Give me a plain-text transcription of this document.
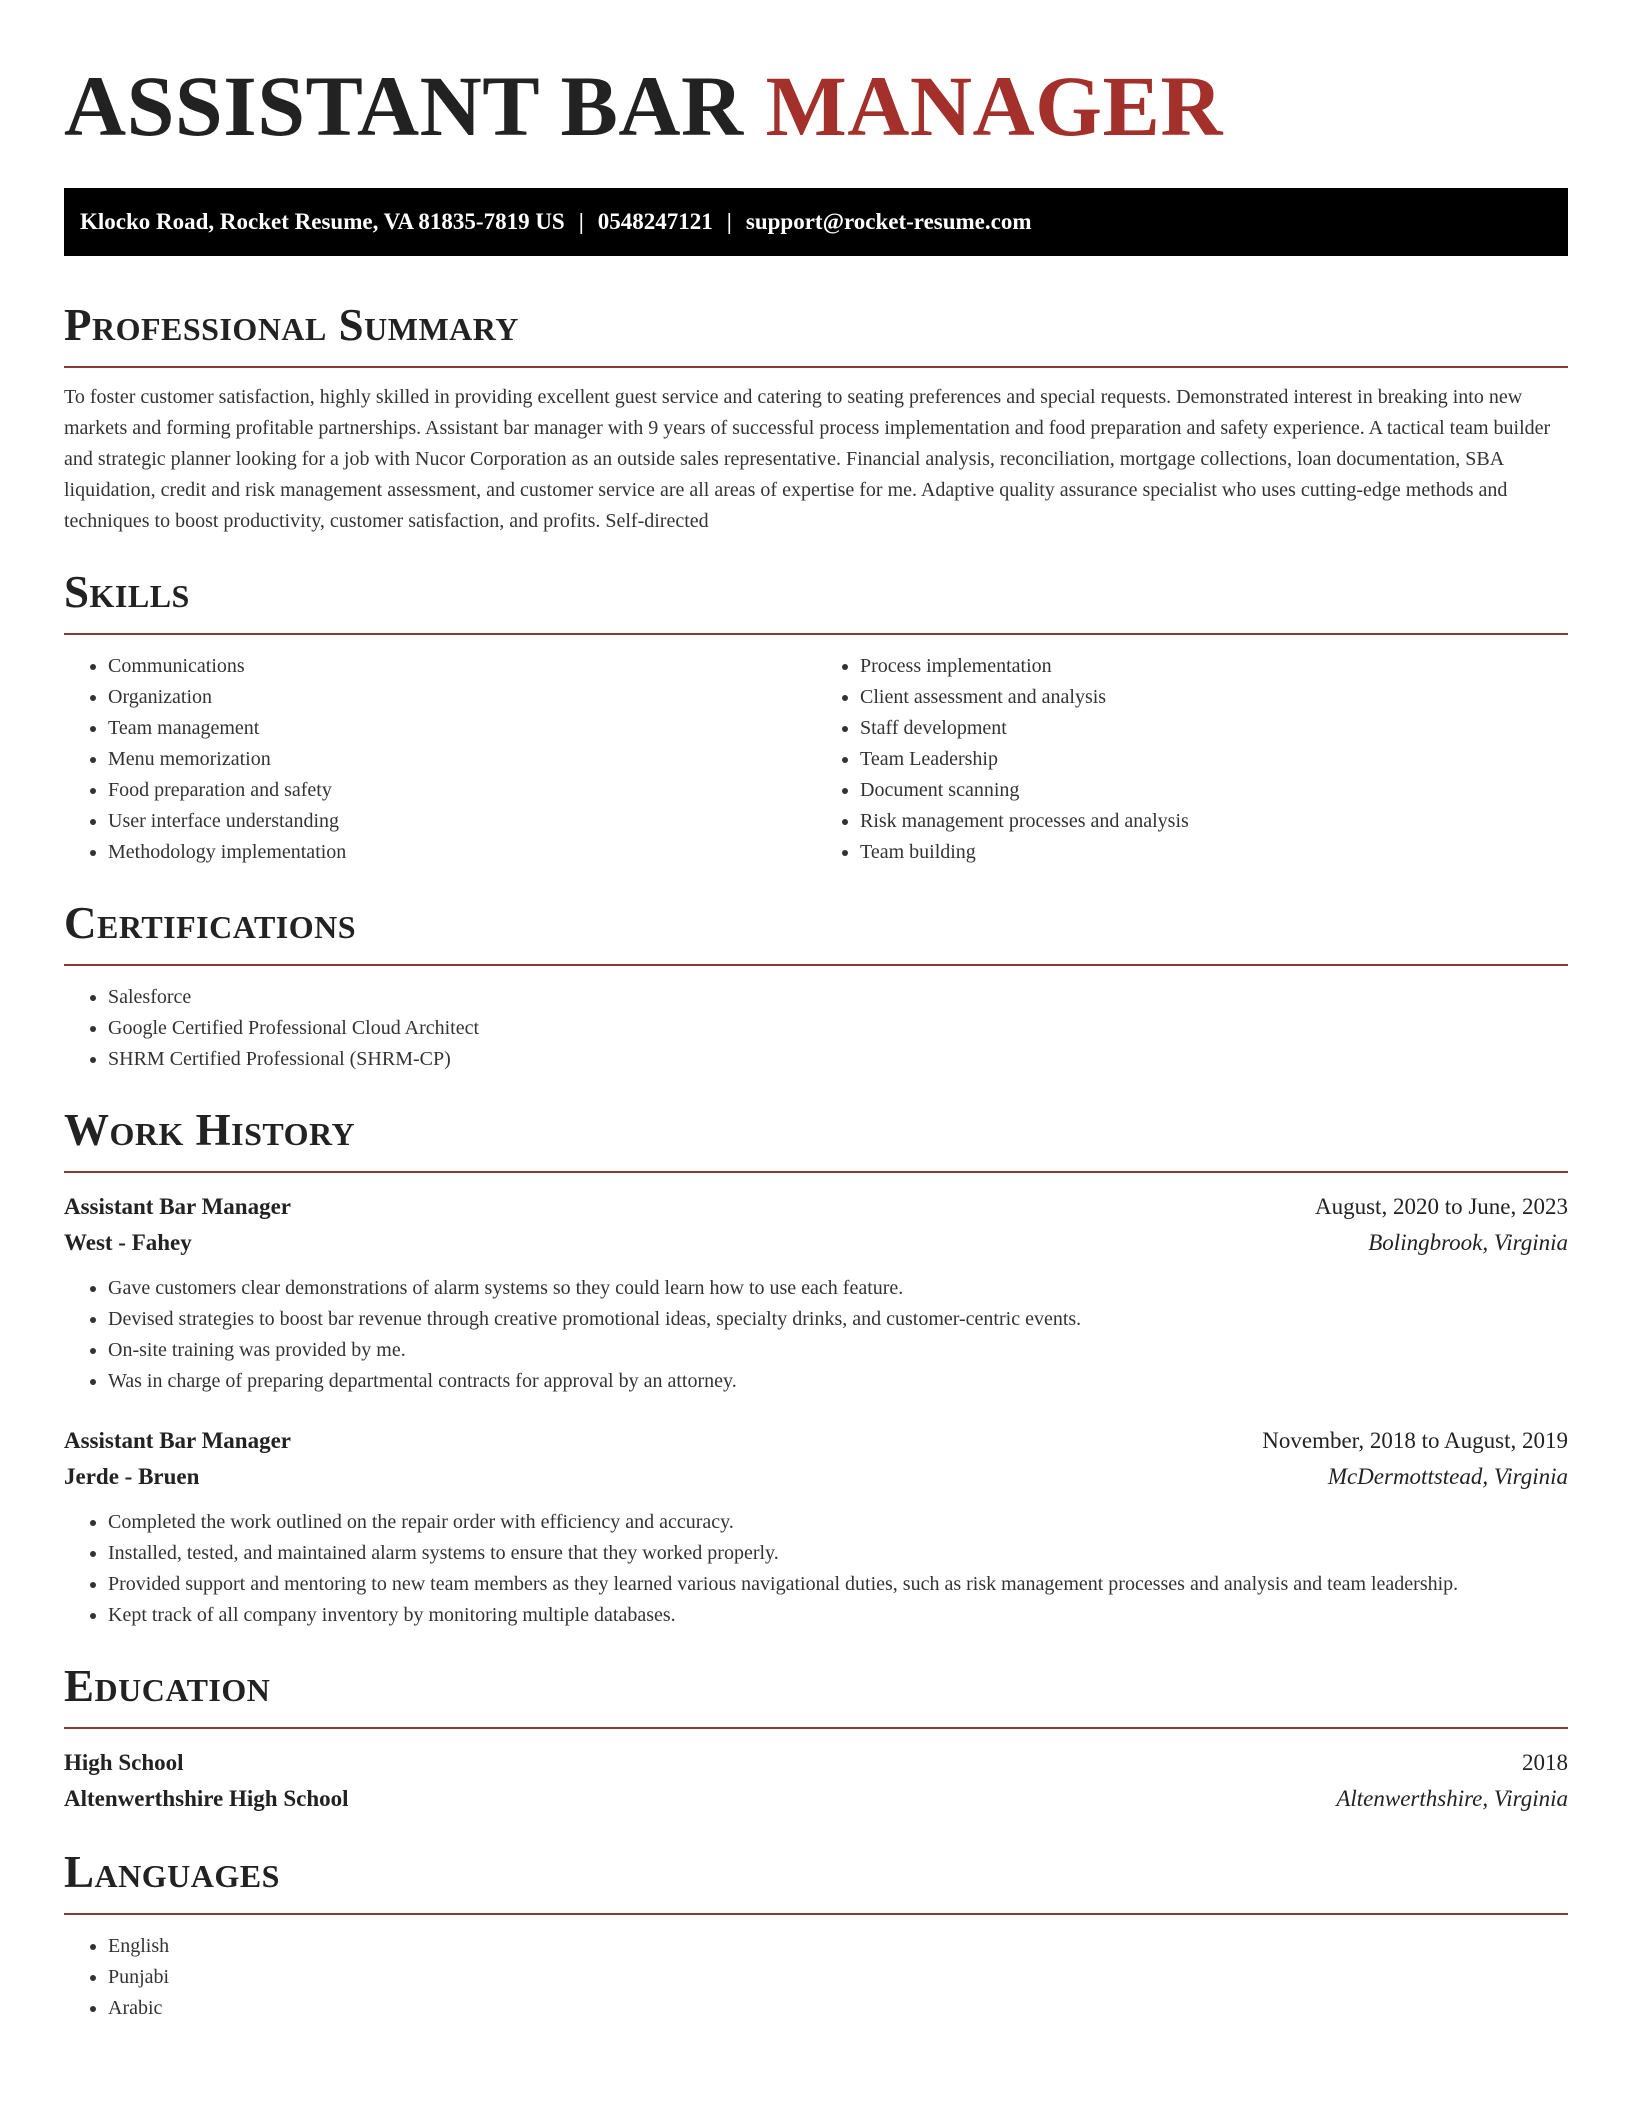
ASSISTANT BAR MANAGER
Klocko Road, Rocket Resume, VA 81835-7819 US | 0548247121 | support@rocket-resume.com
Professional Summary

To foster customer satisfaction, highly skilled in providing excellent guest service and catering to seating preferences and special requests. Demonstrated interest in breaking into new markets and forming profitable partnerships. Assistant bar manager with 9 years of successful process implementation and food preparation and safety experience. A tactical team builder and strategic planner looking for a job with Nucor Corporation as an outside sales representative. Financial analysis, reconciliation, mortgage collections, loan documentation, SBA liquidation, credit and risk management assessment, and customer service are all areas of expertise for me. Adaptive quality assurance specialist who uses cutting-edge methods and techniques to boost productivity, customer satisfaction, and profits. Self-directed

Skills
• Communications
• Organization
• Team management
• Menu memorization
• Food preparation and safety
• User interface understanding
• Methodology implementation
• Process implementation
• Client assessment and analysis
• Staff development
• Team Leadership
• Document scanning
• Risk management processes and analysis
• Team building
Certifications
• Salesforce
• Google Certified Professional Cloud Architect
• SHRM Certified Professional (SHRM-CP)
Work History
Assistant Bar Manager	August, 2020 to June, 2023
West - Fahey	Bolingbrook, Virginia
• Gave customers clear demonstrations of alarm systems so they could learn how to use each feature.
• Devised strategies to boost bar revenue through creative promotional ideas, specialty drinks, and customer-centric events.
• On-site training was provided by me.
• Was in charge of preparing departmental contracts for approval by an attorney.
Assistant Bar Manager	November, 2018 to August, 2019
Jerde - Bruen	McDermottstead, Virginia
• Completed the work outlined on the repair order with efficiency and accuracy.
• Installed, tested, and maintained alarm systems to ensure that they worked properly.
• Provided support and mentoring to new team members as they learned various navigational duties, such as risk management processes and analysis and team leadership.
• Kept track of all company inventory by monitoring multiple databases.
Education
High School	2018
Altenwerthshire High School	Altenwerthshire, Virginia
Languages
• English
• Punjabi
• Arabic
